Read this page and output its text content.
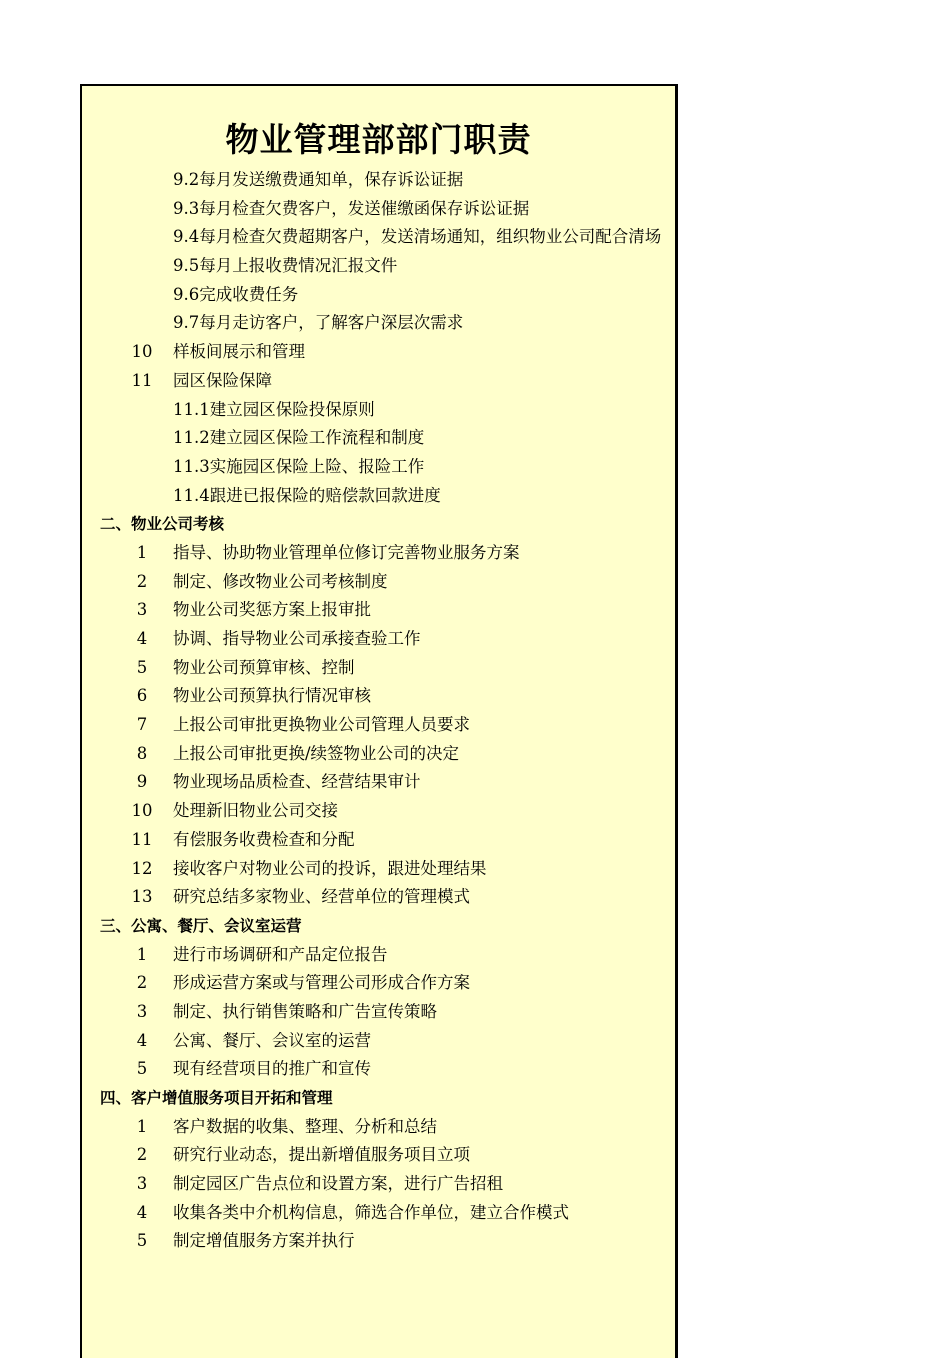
物业管理部部门职责
9.2每月发送缴费通知单，保存诉讼证据
9.3每月检查欠费客户，发送催缴函保存诉讼证据
9.4每月检查欠费超期客户，发送清场通知，组织物业公司配合清场
9.5每月上报收费情况汇报文件
9.6完成收费任务
9.7每月走访客户，了解客户深层次需求
10	样板间展示和管理
11	园区保险保障
11.1建立园区保险投保原则
11.2建立园区保险工作流程和制度
11.3实施园区保险上险、报险工作
11.4跟进已报保险的赔偿款回款进度
二、物业公司考核
1	指导、协助物业管理单位修订完善物业服务方案
2	制定、修改物业公司考核制度
3	物业公司奖惩方案上报审批
4	协调、指导物业公司承接查验工作
5	物业公司预算审核、控制
6	物业公司预算执行情况审核
7	上报公司审批更换物业公司管理人员要求
8	上报公司审批更换/续签物业公司的决定
9	物业现场品质检查、经营结果审计
10	处理新旧物业公司交接
11	有偿服务收费检查和分配
12	接收客户对物业公司的投诉，跟进处理结果
13	研究总结多家物业、经营单位的管理模式
三、公寓、餐厅、会议室运营
1	进行市场调研和产品定位报告
2	形成运营方案或与管理公司形成合作方案
3	制定、执行销售策略和广告宣传策略
4	公寓、餐厅、会议室的运营
5	现有经营项目的推广和宣传
四、客户增值服务项目开拓和管理
1	客户数据的收集、整理、分析和总结
2	研究行业动态，提出新增值服务项目立项
3	制定园区广告点位和设置方案，进行广告招租
4	收集各类中介机构信息，筛选合作单位，建立合作模式
5	制定增值服务方案并执行
